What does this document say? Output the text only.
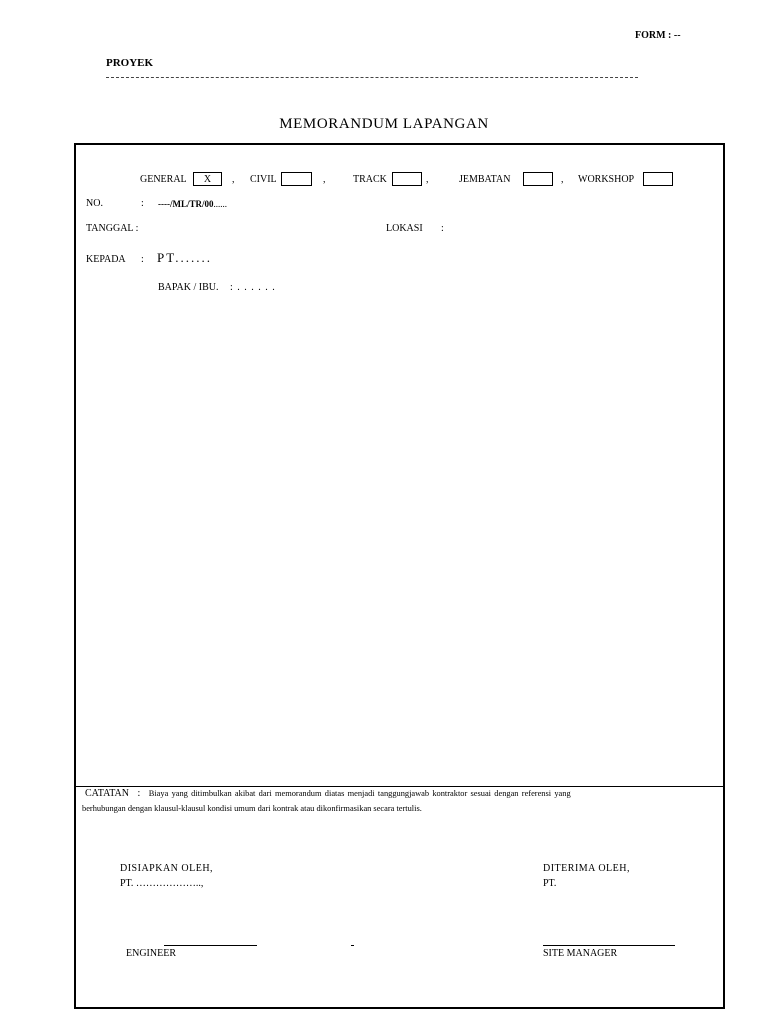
FORM : --
PROYEK
MEMORANDUM LAPANGAN
GENERAL	X	, CIVIL	,	TRACK	,	JEMBATAN	, WORKSHOP
NO.	: ----/ML/TR/00......
TANGGAL :	LOKASI :
KEPADA : PT.......
BAPAK / IBU. : . . . . . .
CATATAN : Biaya yang ditimbulkan akibat dari memorandum diatas menjadi tanggungjawab kontraktor sesuai dengan referensi yang
berhubungan dengan klausul-klausul kondisi umum dari kontrak atau dikonfirmasikan secara tertulis.
DISIAPKAN OLEH,
PT. ………………..,
DITERIMA OLEH,
PT.
ENGINEER	SITE MANAGER
